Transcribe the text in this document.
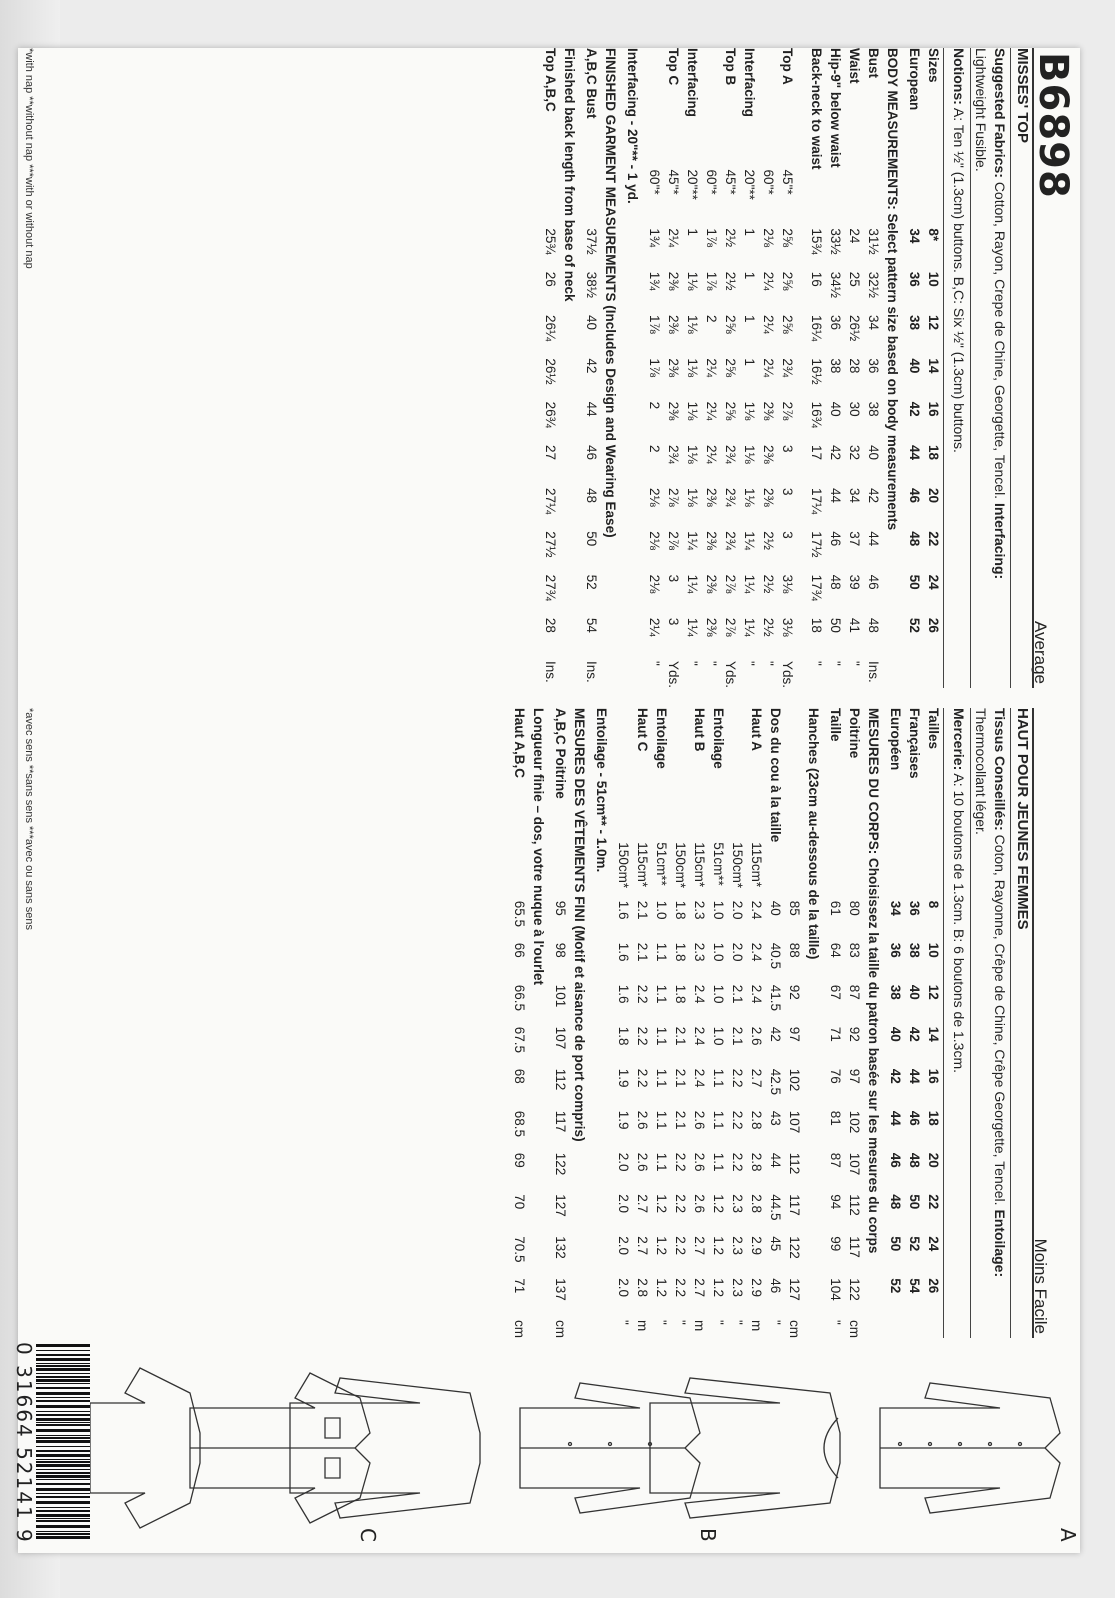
B6898
Average
MISSES' TOP
Suggested Fabrics: Cotton, Rayon, Crepe de Chine, Georgette, Tencel. Interfacing:
Lightweight Fusible.
Notions: A: Ten ½" (1.3cm) buttons. B,C: Six ½" (1.3cm) buttons.
Sizes		8*	10	12	14	16	18	20	22	24	26	
European		34	36	38	40	42	44	46	48	50	52	
BODY MEASUREMENTS: Select pattern size based on body measurements												
Bust		31½	32½	34	36	38	40	42	44	46	48	Ins.
Waist		24	25	26½	28	30	32	34	37	39	41	"
Hip-9" below waist		33½	34½	36	38	40	42	44	46	48	50	"
Back-neck to waist		15¾	16	16¼	16½	16¾	17	17¼	17½	17¾	18	"

Top A	45"*	2⅝	2⅝	2⅝	2¾	2⅞	3	3	3	3⅛	3⅛	Yds.
	60"*	2⅛	2¼	2¼	2¼	2⅜	2⅜	2⅜	2½	2½	2½	"
Interfacing	20"**	1	1	1	1	1⅛	1⅛	1⅛	1¼	1¼	1¼	"
Top B	45"*	2½	2½	2⅝	2⅝	2⅝	2¾	2¾	2¾	2⅞	2⅞	Yds.
	60"*	1⅞	1⅞	2	2¼	2¼	2¼	2⅜	2⅜	2⅜	2⅜	"
Interfacing	20"**	1	1⅛	1⅛	1⅛	1⅛	1⅛	1⅛	1¼	1¼	1¼	"
Top C	45"*	2¼	2⅜	2⅜	2⅜	2⅜	2¾	2⅞	2⅞	3	3	Yds.
	60"*	1¾	1¾	1⅞	1⅞	2	2	2⅛	2⅛	2⅛	2¼	"
Interfacing - 20"** - 1 yd.												
FINISHED GARMENT MEASUREMENTS (Includes Design and Wearing Ease)												
A,B,C Bust		37½	38½	40	42	44	46	48	50	52	54	Ins.
Finished back length from base of neck												
Top A,B,C		25¾	26	26¼	26½	26¾	27	27¼	27½	27¾	28	Ins.
*with nap **without nap ***with or without nap
Moins Facile
HAUT POUR JEUNES FEMMES
Tissus Conseillés: Coton, Rayonne, Crêpe de Chine, Crêpe Georgette, Tencel. Entoilage:
Thermocollant léger.
Mercerie: A: 10 boutons de 1.3cm. B: 6 boutons de 1.3cm.
Tailles		8	10	12	14	16	18	20	22	24	26	
Françaises		36	38	40	42	44	46	48	50	52	54	
Européen		34	36	38	40	42	44	46	48	50	52	
MESURES DU CORPS: Choisissez la taille du patron basée sur les mesures du corps												
Poitrine		80	83	87	92	97	102	107	112	117	122	cm
Taille		61	64	67	71	76	81	87	94	99	104	"
Hanches (23cm au-dessous de la taille)												
		85	88	92	97	102	107	112	117	122	127	cm
Dos du cou à la taille		40	40.5	41.5	42	42.5	43	44	44.5	45	46	"
Haut A	115cm*	2.4	2.4	2.4	2.6	2.7	2.8	2.8	2.8	2.9	2.9	m
	150cm*	2.0	2.0	2.1	2.1	2.2	2.2	2.2	2.3	2.3	2.3	"
Entoilage	51cm**	1.0	1.0	1.0	1.0	1.1	1.1	1.1	1.2	1.2	1.2	"
Haut B	115cm*	2.3	2.3	2.4	2.4	2.4	2.6	2.6	2.6	2.7	2.7	m
	150cm*	1.8	1.8	1.8	2.1	2.1	2.1	2.2	2.2	2.2	2.2	"
Entoilage	51cm**	1.0	1.1	1.1	1.1	1.1	1.1	1.1	1.2	1.2	1.2	"
Haut C	115cm*	2.1	2.1	2.2	2.2	2.2	2.6	2.6	2.7	2.7	2.8	m
	150cm*	1.6	1.6	1.6	1.8	1.9	1.9	2.0	2.0	2.0	2.0	"
Entoilage - 51cm** - 1.0m.												
MESURES DES VÊTEMENTS FINI (Motif et aisance de port compris)												
A,B,C Poitrine		95	98	101	107	112	117	122	127	132	137	cm
Longueur finie – dos, votre nuque à l'ourlet												
Haut A,B,C		65.5	66	66.5	67.5	68	68.5	69	70	70.5	71	cm
*avec sens **sans sens ***avec ou sans sens
A
B
C
0 31664 52141 9
